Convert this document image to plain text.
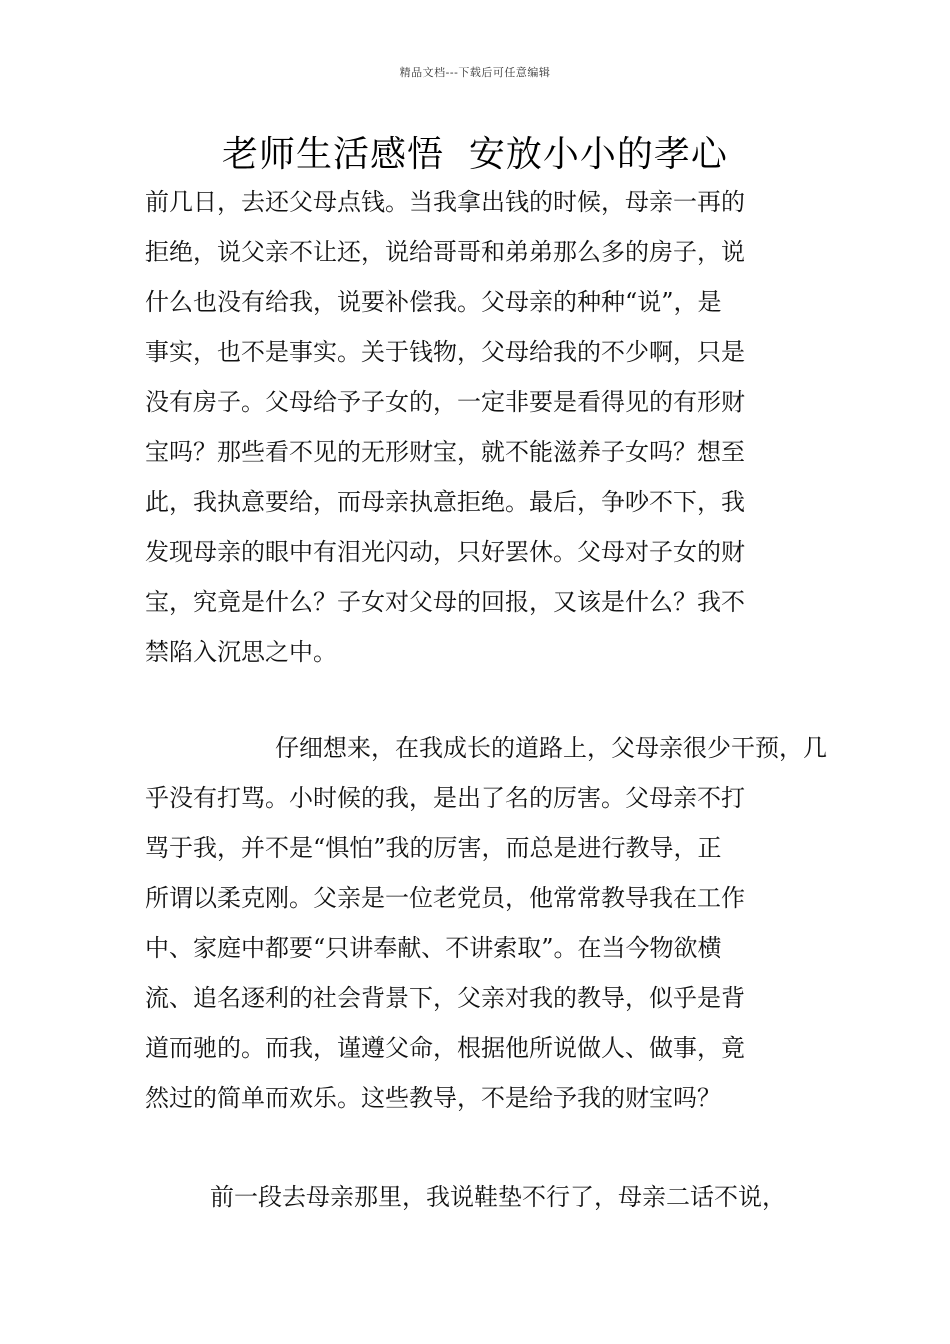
精品文档---下载后可任意编辑
老师生活感悟  安放小小的孝心

前几日，去还父母点钱。当我拿出钱的时候，母亲一再的
拒绝，说父亲不让还，说给哥哥和弟弟那么多的房子，说
什么也没有给我，说要补偿我。父母亲的种种“说”，是
事实，也不是事实。关于钱物，父母给我的不少啊，只是
没有房子。父母给予子女的，一定非要是看得见的有形财
宝吗？那些看不见的无形财宝，就不能滋养子女吗？想至
此，我执意要给，而母亲执意拒绝。最后，争吵不下，我
发现母亲的眼中有泪光闪动，只好罢休。父母对子女的财
宝，究竟是什么？子女对父母的回报，又该是什么？我不
禁陷入沉思之中。

仔细想来，在我成长的道路上，父母亲很少干预，几
乎没有打骂。小时候的我，是出了名的厉害。父母亲不打
骂于我，并不是“惧怕”我的厉害，而总是进行教导，正
所谓以柔克刚。父亲是一位老党员，他常常教导我在工作
中、家庭中都要“只讲奉献、不讲索取”。在当今物欲横
流、追名逐利的社会背景下，父亲对我的教导，似乎是背
道而驰的。而我，谨遵父命，根据他所说做人、做事，竟
然过的简单而欢乐。这些教导，不是给予我的财宝吗？

前一段去母亲那里，我说鞋垫不行了，母亲二话不说，
